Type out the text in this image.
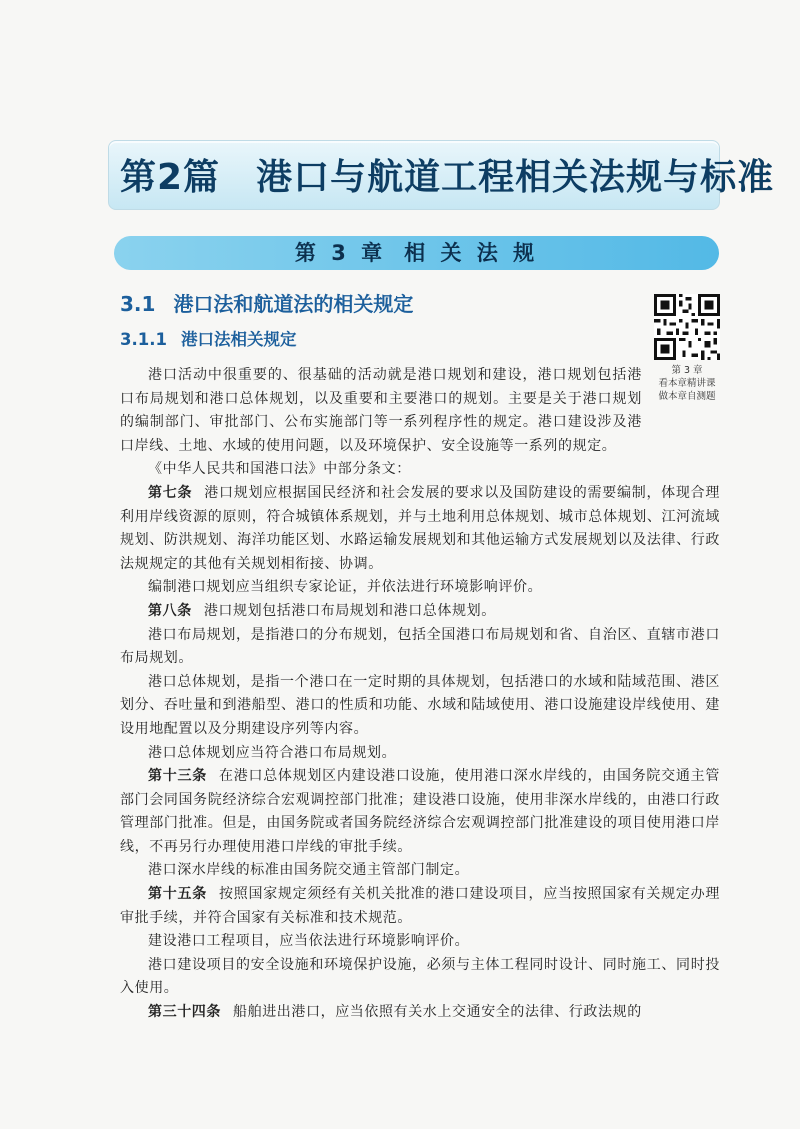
第2篇 港口与航道工程相关法规与标准
第 3 章 相 关 法 规
3.1 港口法和航道法的相关规定
3.1.1 港口法相关规定
第 3 章
看本章精讲课
做本章自测题

港口活动中很重要的、很基础的活动就是港口规划和建设，港口规划包括港口布局规划和港口总体规划，以及重要和主要港口的规划。主要是关于港口规划的编制部门、审批部门、公布实施部门等一系列程序性的规定。港口建设涉及港口岸线、土地、水域的使用问题，以及环境保护、安全设施等一系列的规定。

《中华人民共和国港口法》中部分条文：

第七条 港口规划应根据国民经济和社会发展的要求以及国防建设的需要编制，体现合理利用岸线资源的原则，符合城镇体系规划，并与土地利用总体规划、城市总体规划、江河流域规划、防洪规划、海洋功能区划、水路运输发展规划和其他运输方式发展规划以及法律、行政法规规定的其他有关规划相衔接、协调。

编制港口规划应当组织专家论证，并依法进行环境影响评价。

第八条 港口规划包括港口布局规划和港口总体规划。

港口布局规划，是指港口的分布规划，包括全国港口布局规划和省、自治区、直辖市港口布局规划。

港口总体规划，是指一个港口在一定时期的具体规划，包括港口的水域和陆域范围、港区划分、吞吐量和到港船型、港口的性质和功能、水域和陆域使用、港口设施建设岸线使用、建设用地配置以及分期建设序列等内容。

港口总体规划应当符合港口布局规划。

第十三条 在港口总体规划区内建设港口设施，使用港口深水岸线的，由国务院交通主管部门会同国务院经济综合宏观调控部门批准；建设港口设施，使用非深水岸线的，由港口行政管理部门批准。但是，由国务院或者国务院经济综合宏观调控部门批准建设的项目使用港口岸线，不再另行办理使用港口岸线的审批手续。

港口深水岸线的标准由国务院交通主管部门制定。

第十五条 按照国家规定须经有关机关批准的港口建设项目，应当按照国家有关规定办理审批手续，并符合国家有关标准和技术规范。

建设港口工程项目，应当依法进行环境影响评价。

港口建设项目的安全设施和环境保护设施，必须与主体工程同时设计、同时施工、同时投入使用。

第三十四条 船舶进出港口，应当依照有关水上交通安全的法律、行政法规的
